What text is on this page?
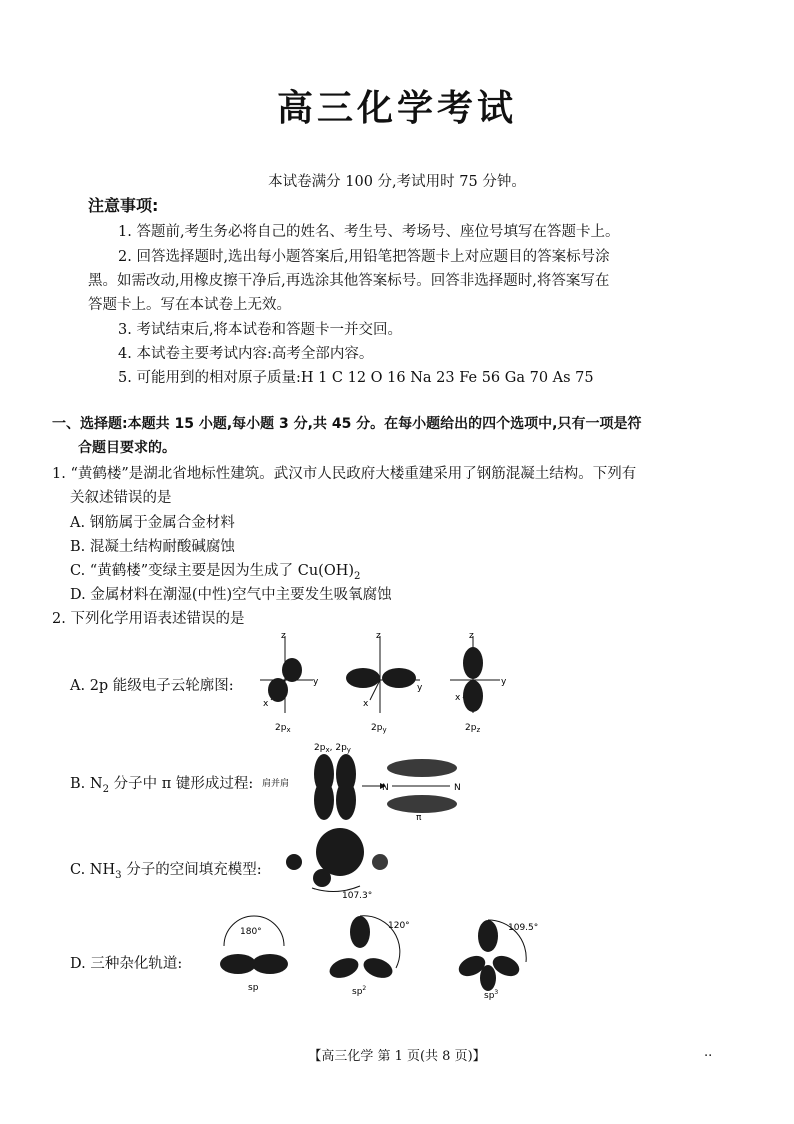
高三化学考试
本试卷满分 100 分,考试用时 75 分钟。
注意事项:
1. 答题前,考生务必将自己的姓名、考生号、考场号、座位号填写在答题卡上。
2. 回答选择题时,选出每小题答案后,用铅笔把答题卡上对应题目的答案标号涂
黑。如需改动,用橡皮擦干净后,再选涂其他答案标号。回答非选择题时,将答案写在
答题卡上。写在本试卷上无效。
3. 考试结束后,将本试卷和答题卡一并交回。
4. 本试卷主要考试内容:高考全部内容。
5. 可能用到的相对原子质量:H 1 C 12 O 16 Na 23 Fe 56 Ga 70 As 75
一、选择题:本题共 15 小题,每小题 3 分,共 45 分。在每小题给出的四个选项中,只有一项是符
合题目要求的。
1. “黄鹤楼”是湖北省地标性建筑。武汉市人民政府大楼重建采用了钢筋混凝土结构。下列有
关叙述错误的是
A. 钢筋属于金属合金材料
B. 混凝土结构耐酸碱腐蚀
C. “黄鹤楼”变绿主要是因为生成了 $Cu(OH)_2$
D. 金属材料在潮湿(中性)空气中主要发生吸氧腐蚀
2. 下列化学用语表述错误的是
A. 2p 能级电子云轮廓图:
z
y
x
$2p_x$
z
y
x
$2p_y$
z
y
x
$2p_z$
B. $N_2$ 分子中 π 键形成过程:
$2p_x$, $2p_y$
肩并肩	N	N
π
C. $NH_3$ 分子的空间填充模型:
107.3°
D. 三种杂化轨道:
180°
sp
120°
$sp^2$
109.5°
$sp^3$
【高三化学 第 1 页(共 8 页)】	..
